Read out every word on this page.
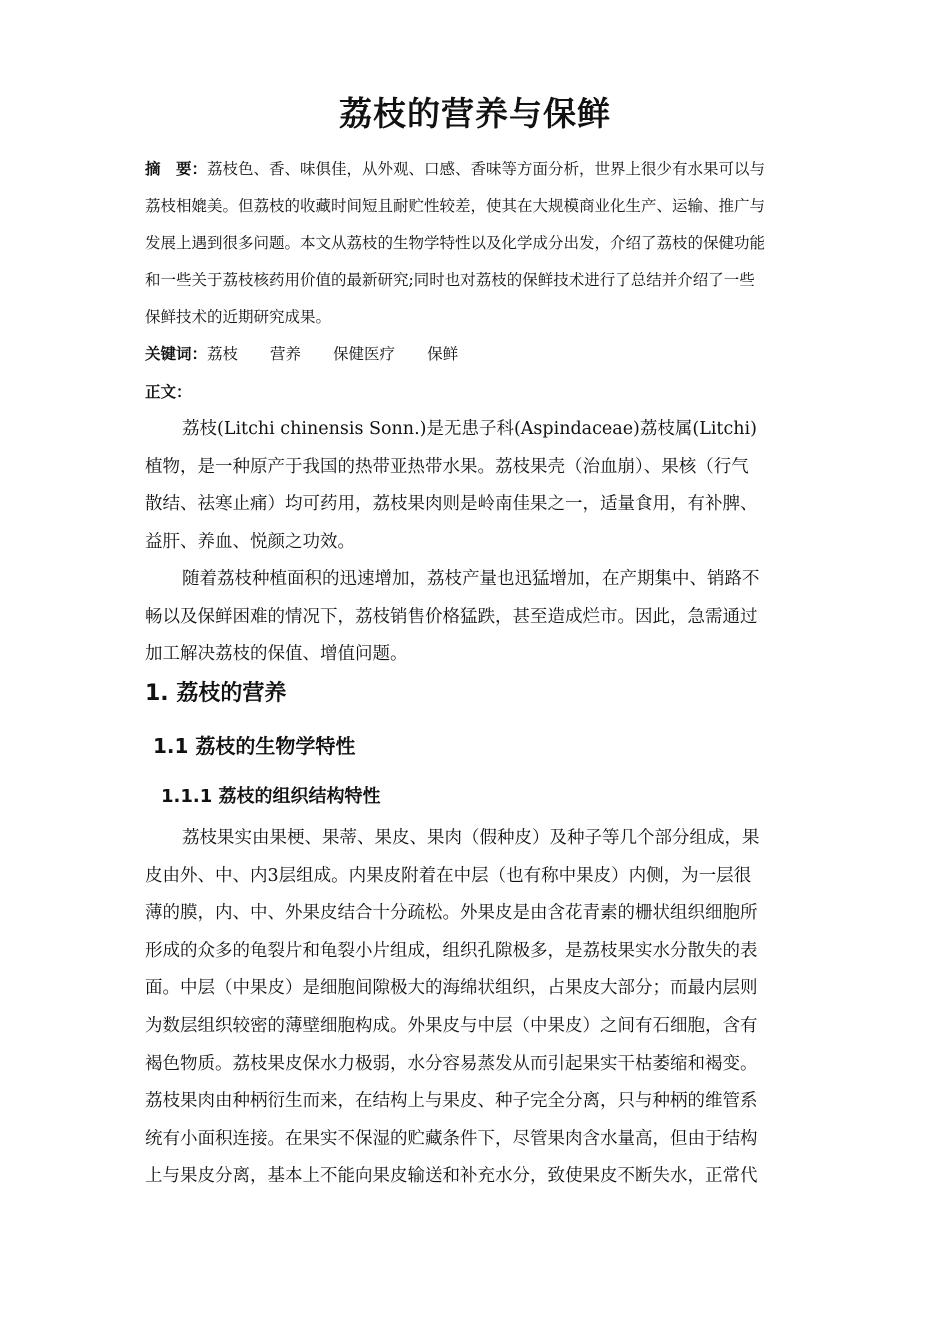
荔枝的营养与保鲜
摘　要：荔枝色、香、味俱佳，从外观、口感、香味等方面分析，世界上很少有水果可以与
荔枝相媲美。但荔枝的收藏时间短且耐贮性较差，使其在大规模商业化生产、运输、推广与
发展上遇到很多问题。本文从荔枝的生物学特性以及化学成分出发，介绍了荔枝的保健功能
和一些关于荔枝核药用价值的最新研究;同时也对荔枝的保鲜技术进行了总结并介绍了一些
保鲜技术的近期研究成果。
关键词：荔枝 营养 保健医疗 保鲜
正文：
荔枝(Litchi chinensis Sonn.)是无患子科(Aspindaceae)荔枝属(Litchi)
植物，是一种原产于我国的热带亚热带水果。荔枝果壳（治血崩）、果核（行气
散结、祛寒止痛）均可药用，荔枝果肉则是岭南佳果之一，适量食用，有补脾、
益肝、养血、悦颜之功效。
随着荔枝种植面积的迅速增加，荔枝产量也迅猛增加，在产期集中、销路不
畅以及保鲜困难的情况下，荔枝销售价格猛跌，甚至造成烂市。因此，急需通过
加工解决荔枝的保值、增值问题。
1. 荔枝的营养
1.1 荔枝的生物学特性
1.1.1 荔枝的组织结构特性
荔枝果实由果梗、果蒂、果皮、果肉（假种皮）及种子等几个部分组成，果
皮由外、中、内3层组成。内果皮附着在中层（也有称中果皮）内侧，为一层很
薄的膜，内、中、外果皮结合十分疏松。外果皮是由含花青素的栅状组织细胞所
形成的众多的龟裂片和龟裂小片组成，组织孔隙极多，是荔枝果实水分散失的表
面。中层（中果皮）是细胞间隙极大的海绵状组织，占果皮大部分；而最内层则
为数层组织较密的薄壁细胞构成。外果皮与中层（中果皮）之间有石细胞，含有
褐色物质。荔枝果皮保水力极弱，水分容易蒸发从而引起果实干枯萎缩和褐变。
荔枝果肉由种柄衍生而来，在结构上与果皮、种子完全分离，只与种柄的维管系
统有小面积连接。在果实不保湿的贮藏条件下，尽管果肉含水量高，但由于结构
上与果皮分离，基本上不能向果皮输送和补充水分，致使果皮不断失水，正常代
